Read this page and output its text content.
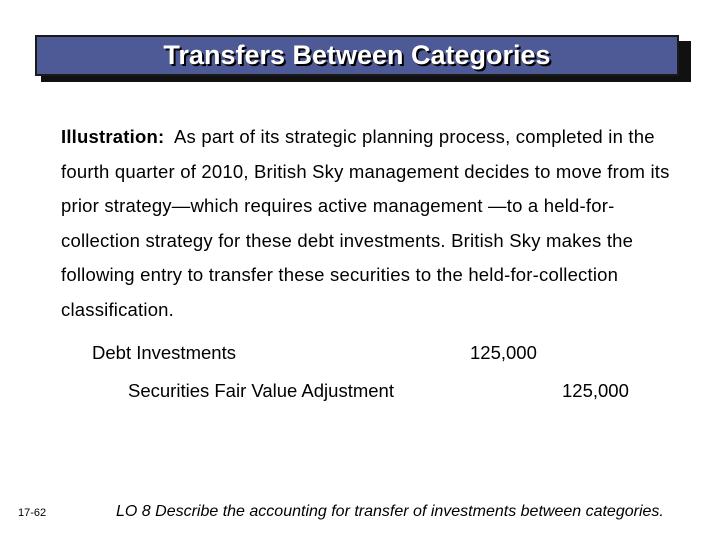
Transfers Between Categories
Illustration: As part of its strategic planning process, completed in the fourth quarter of 2010, British Sky management decides to move from its prior strategy—which requires active management —to a held-for-collection strategy for these debt investments. British Sky makes the following entry to transfer these securities to the held-for-collection classification.
Debt Investments	125,000
Securities Fair Value Adjustment	125,000
17-62	LO 8 Describe the accounting for transfer of investments between categories.
